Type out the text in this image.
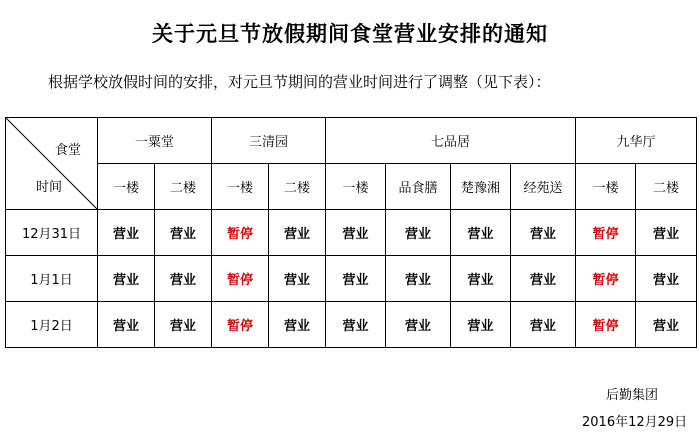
关于元旦节放假期间食堂营业安排的通知
根据学校放假时间的安排，对元旦节期间的营业时间进行了调整（见下表）：
食堂
时间	一粟堂		三清园		七品居				九华厅	
	一楼	二楼	一楼	二楼	一楼	品食膳	楚豫湘	经苑送	一楼	二楼
12月31日	营业	营业	暂停	营业	营业	营业	营业	营业	暂停	营业
1月1日	营业	营业	暂停	营业	营业	营业	营业	营业	暂停	营业
1月2日	营业	营业	暂停	营业	营业	营业	营业	营业	暂停	营业
后勤集团
2016年12月29日
